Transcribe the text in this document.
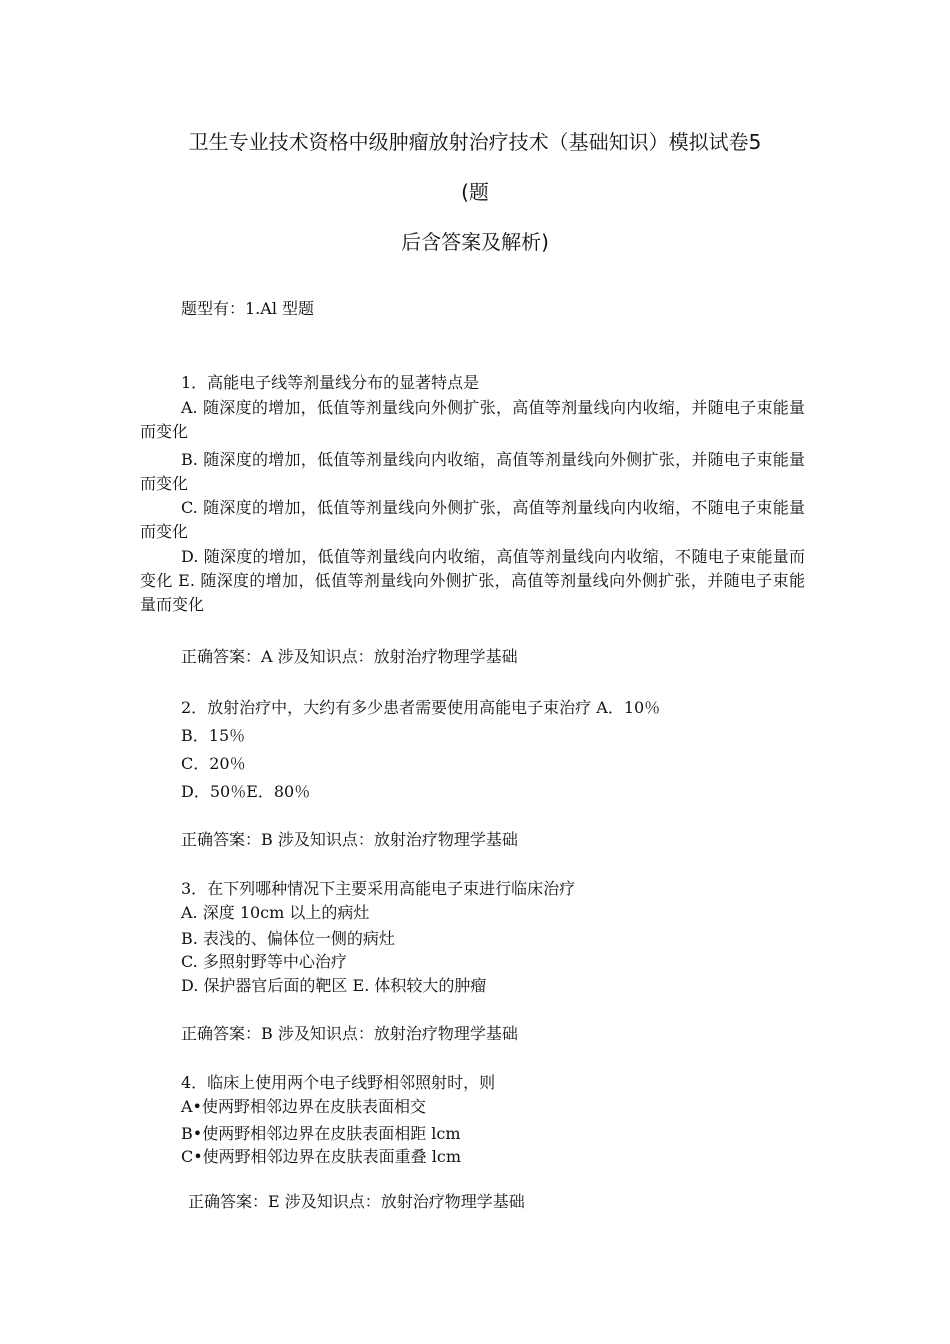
卫生专业技术资格中级肿瘤放射治疗技术（基础知识）模拟试卷5
(题
后含答案及解析)
题型有：1.Al 型题
1．高能电子线等剂量线分布的显著特点是
A. 随深度的增加，低值等剂量线向外侧扩张，高值等剂量线向内收缩，并随电子束能量而变化
B. 随深度的增加，低值等剂量线向内收缩，高值等剂量线向外侧扩张，并随电子束能量而变化
C. 随深度的增加，低值等剂量线向外侧扩张，高值等剂量线向内收缩，不随电子束能量而变化
D. 随深度的增加，低值等剂量线向内收缩，高值等剂量线向内收缩，不随电子束能量而变化 E. 随深度的增加，低值等剂量线向外侧扩张，高值等剂量线向外侧扩张，并随电子束能量而变化
正确答案：A 涉及知识点：放射治疗物理学基础
2．放射治疗中，大约有多少患者需要使用高能电子束治疗 A．10％
B．15％
C．20％
D．50％E．80％
正确答案：B 涉及知识点：放射治疗物理学基础
3．在下列哪种情况下主要采用高能电子束进行临床治疗
A. 深度 10cm 以上的病灶
B. 表浅的、偏体位一侧的病灶
C. 多照射野等中心治疗
D. 保护器官后面的靶区 E. 体积较大的肿瘤
正确答案：B 涉及知识点：放射治疗物理学基础
4．临床上使用两个电子线野相邻照射时，则
A•使两野相邻边界在皮肤表面相交
B•使两野相邻边界在皮肤表面相距 lcm
C•使两野相邻边界在皮肤表面重叠 lcm
正确答案：E 涉及知识点：放射治疗物理学基础
